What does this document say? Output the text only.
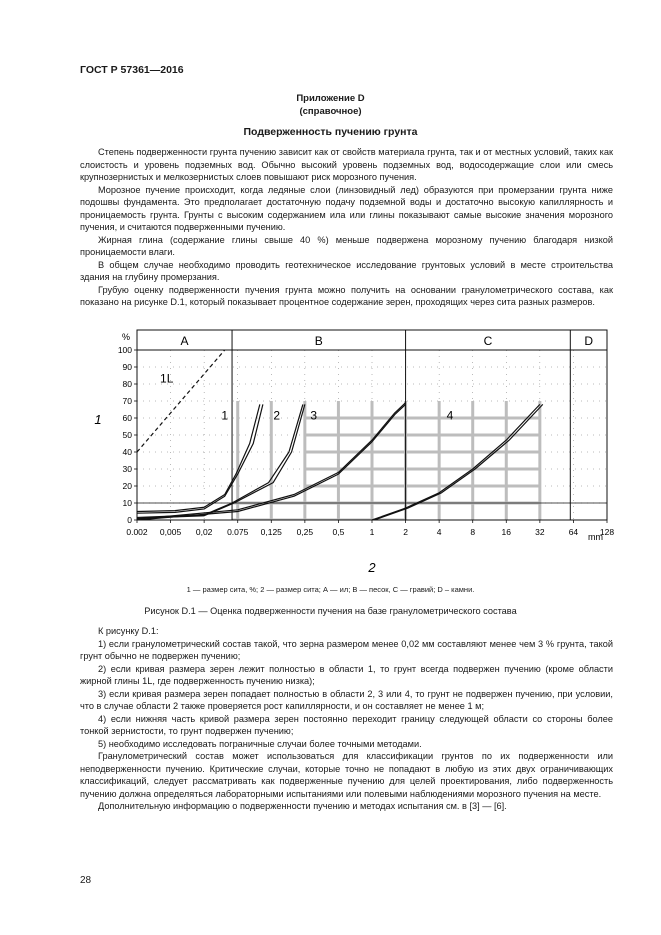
ГОСТ Р 57361—2016
Приложение D
(справочное)
Подверженность пучению грунта

Степень подверженности грунта пучению зависит как от свойств материала грунта, так и от местных условий, таких как слоистость и уровень подземных вод. Обычно высокий уровень подземных вод, водосодержащие слои или смесь крупнозернистых и мелкозернистых слоев повышают риск морозного пучения.

Морозное пучение происходит, когда ледяные слои (линзовидный лед) образуются при промерзании грунта ниже подошвы фундамента. Это предполагает достаточную подачу подземной воды и достаточно высокую капиллярность и проницаемость грунта. Грунты с высоким содержанием ила или глины показывают самые высокие значения морозного пучения, и считаются подверженными пучению.

Жирная глина (содержание глины свыше 40 %) меньше подвержена морозному пучению благодаря низкой проницаемости влаги.

В общем случае необходимо проводить геотехническое исследование грунтовых условий в месте строительства здания на глубину промерзания.

Грубую оценку подверженности пучения грунта можно получить на основании гранулометрического состава, как показано на рисунке D.1, который показывает процентное содержание зерен, проходящих через сита разных размеров.

%
1
mm
2
A	B	C	D
0
10
20
30
40
50
60
70
80
90
100
0.002 0,005 0,02 0.075 0,125 0,25 0,5	1	2	4	8	16	32	64	128
1L
1	2	3	4
1 — размер сита, %; 2 — размер сита; А — ил; В — песок, С — гравий; D – камни.
Рисунок D.1 — Оценка подверженности пучения на базе гранулометрического состава

К рисунку D.1:

1) если гранулометрический состав такой, что зерна размером менее 0,02 мм составляют менее чем 3 % грунта, такой грунт обычно не подвержен пучению;

2) если кривая размера зерен лежит полностью в области 1, то грунт всегда подвержен пучению (кроме области жирной глины 1L, где подверженность пучению низка);

3) если кривая размера зерен попадает полностью в области 2, 3 или 4, то грунт не подвержен пучению, при условии, что в случае области 2 также проверяется рост капиллярности, и он составляет не менее 1 м;

4) если нижняя часть кривой размера зерен постоянно переходит границу следующей области со стороны более тонкой зернистости, то грунт подвержен пучению;

5) необходимо исследовать пограничные случаи более точными методами.

Гранулометрический состав может использоваться для классификации грунтов по их подверженности или неподверженности пучению. Критические случаи, которые точно не попадают в любую из этих двух ограничивающих классификаций, следует рассматривать как подверженные пучению для целей проектирования, либо подверженность пучению должна определяться лабораторными испытаниями или полевыми наблюдениями морозного пучения на месте.

Дополнительную информацию о подверженности пучению и методах испытания см. в [3] — [6].

28
